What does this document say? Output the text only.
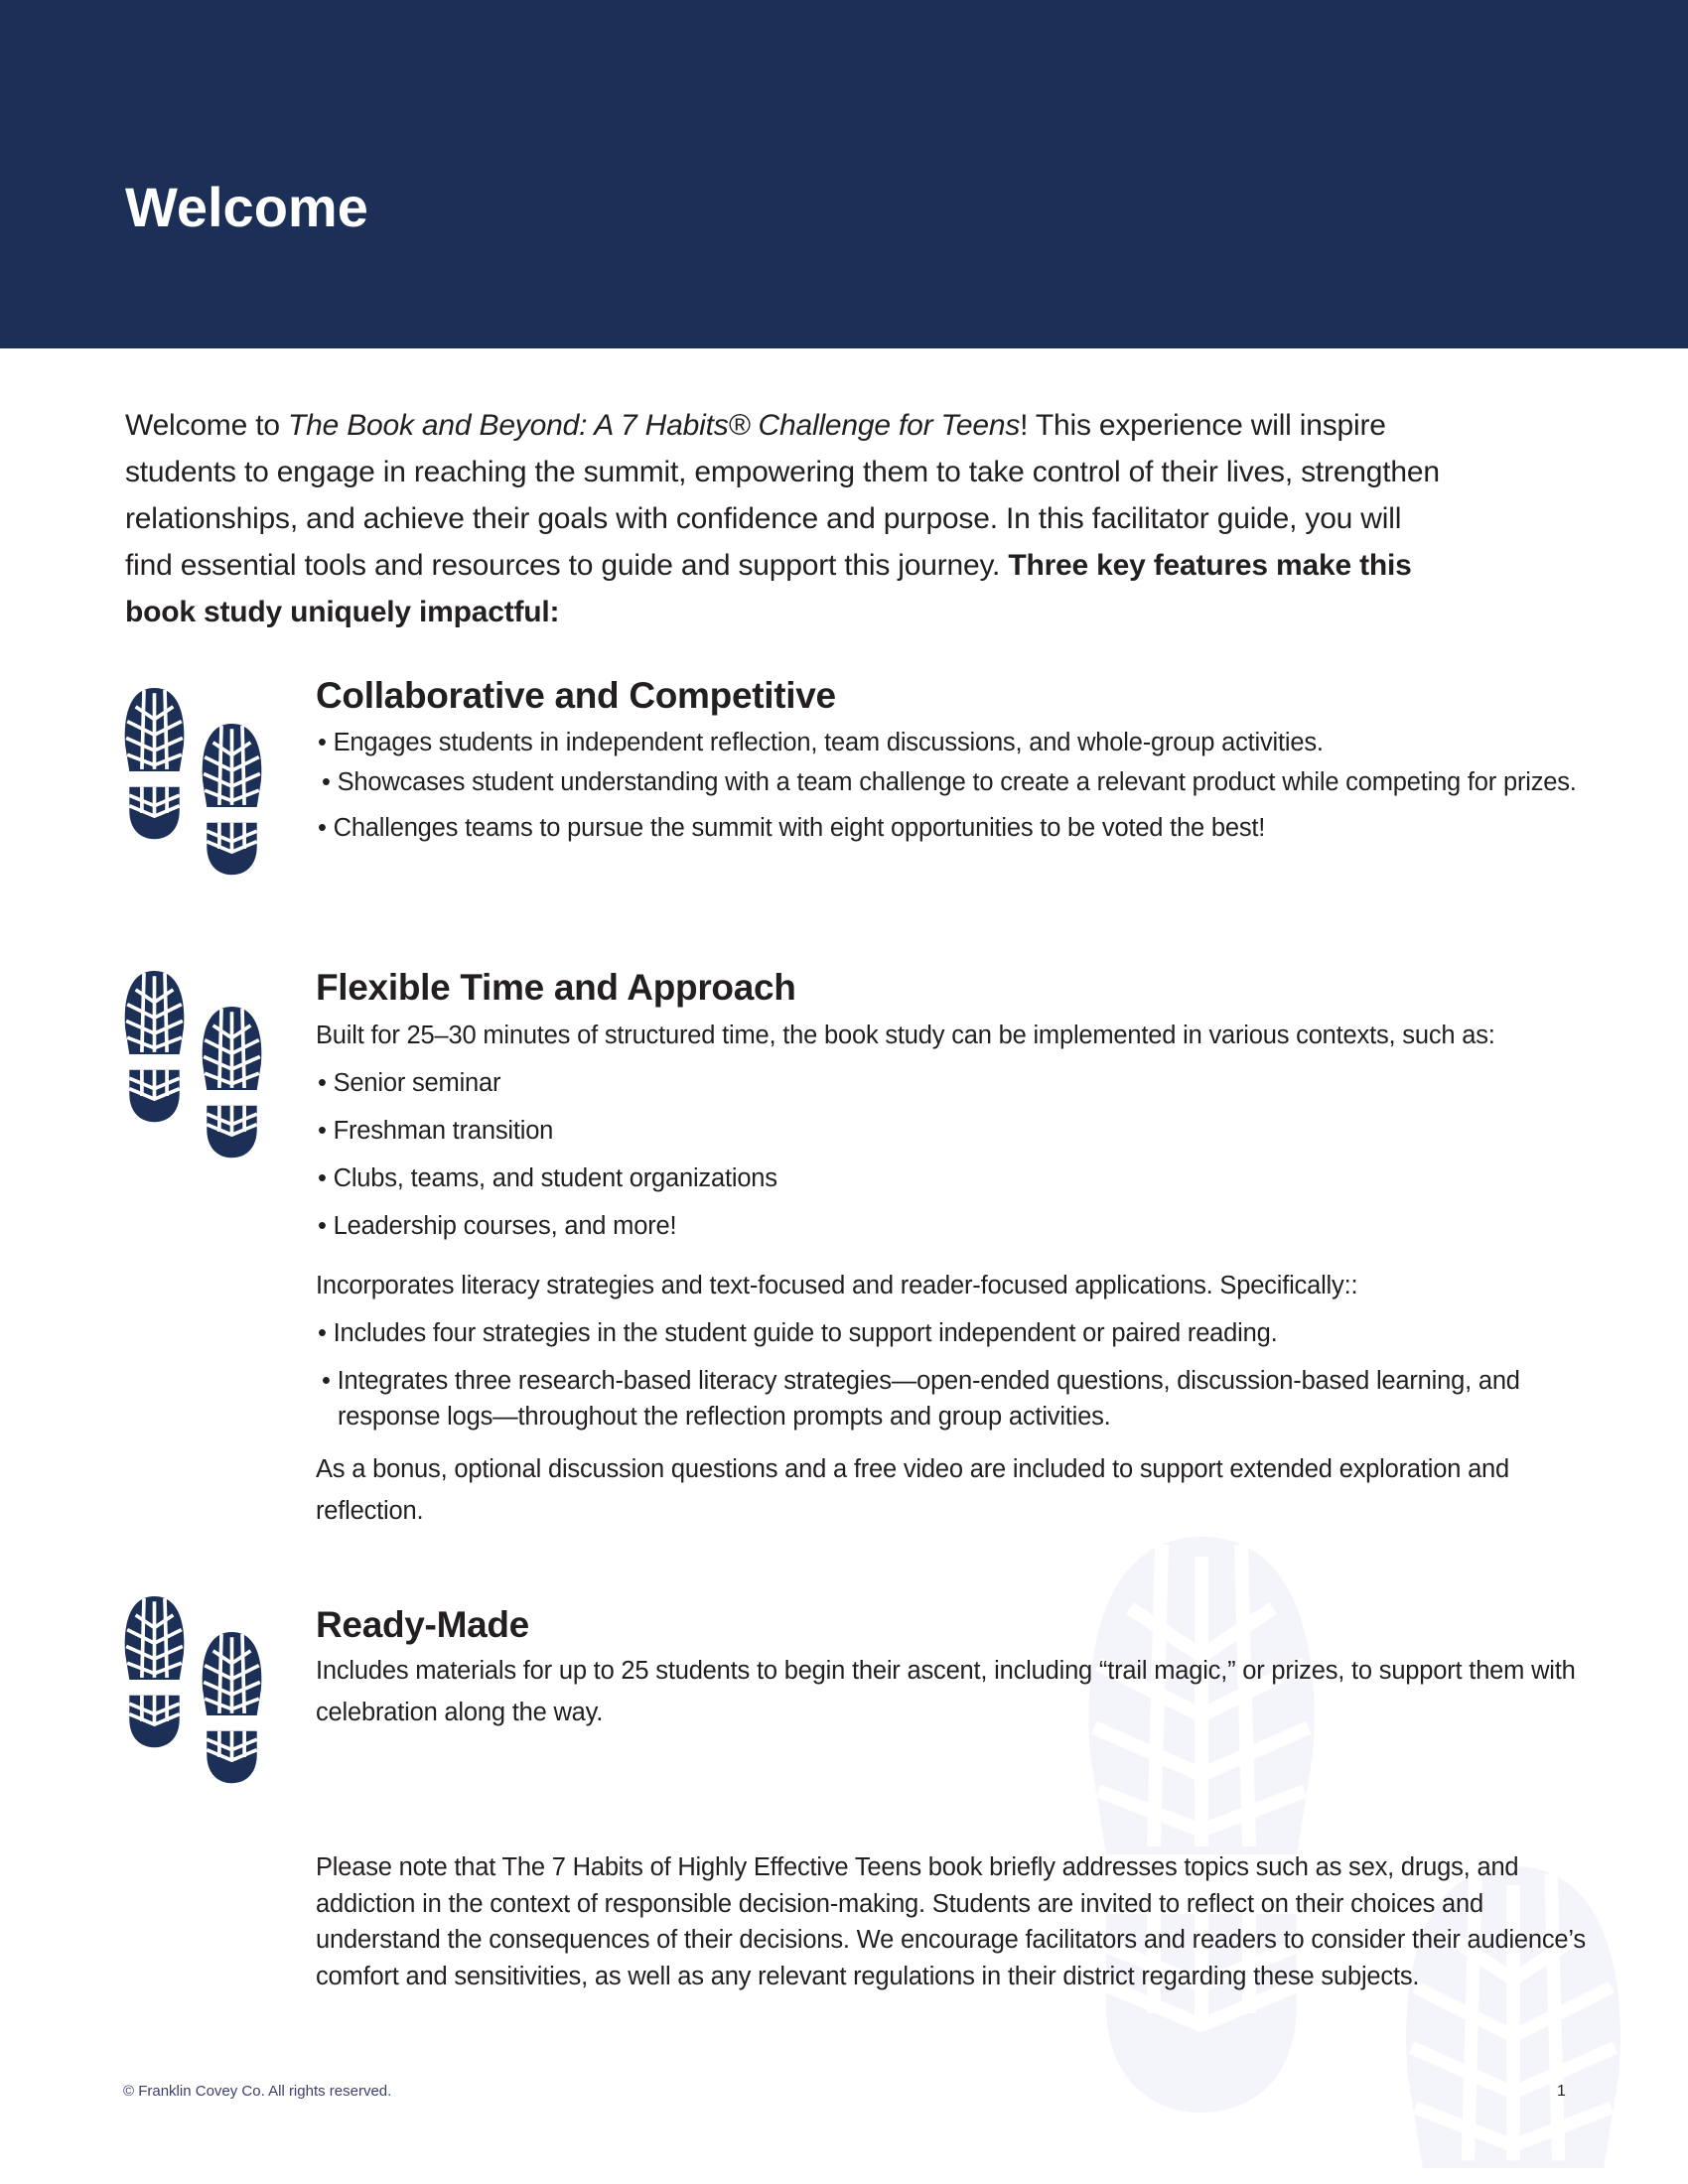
Welcome
Welcome to The Book and Beyond: A 7 Habits® Challenge for Teens! This experience will inspire students to engage in reaching the summit, empowering them to take control of their lives, strengthen relationships, and achieve their goals with confidence and purpose. In this facilitator guide, you will find essential tools and resources to guide and support this journey. Three key features make this book study uniquely impactful:
Collaborative and Competitive

• Engages students in independent reflection, team discussions, and whole-group activities.

• Showcases student understanding with a team challenge to create a relevant product while competing for prizes.

• Challenges teams to pursue the summit with eight opportunities to be voted the best!

Flexible Time and Approach

Built for 25–30 minutes of structured time, the book study can be implemented in various contexts, such as:

• Senior seminar

• Freshman transition

• Clubs, teams, and student organizations

• Leadership courses, and more!

Incorporates literacy strategies and text-focused and reader-focused applications. Specifically::

• Includes four strategies in the student guide to support independent or paired reading.

• Integrates three research-based literacy strategies—open-ended questions, discussion-based learning, and response logs—throughout the reflection prompts and group activities.

As a bonus, optional discussion questions and a free video are included to support extended exploration and reflection.

Ready-Made

Includes materials for up to 25 students to begin their ascent, including “trail magic,” or prizes, to support them with celebration along the way.

Please note that The 7 Habits of Highly Effective Teens book briefly addresses topics such as sex, drugs, and addiction in the context of responsible decision-making. Students are invited to reflect on their choices and understand the consequences of their decisions. We encourage facilitators and readers to consider their audience’s comfort and sensitivities, as well as any relevant regulations in their district regarding these subjects.
© Franklin Covey Co. All rights reserved.	1
